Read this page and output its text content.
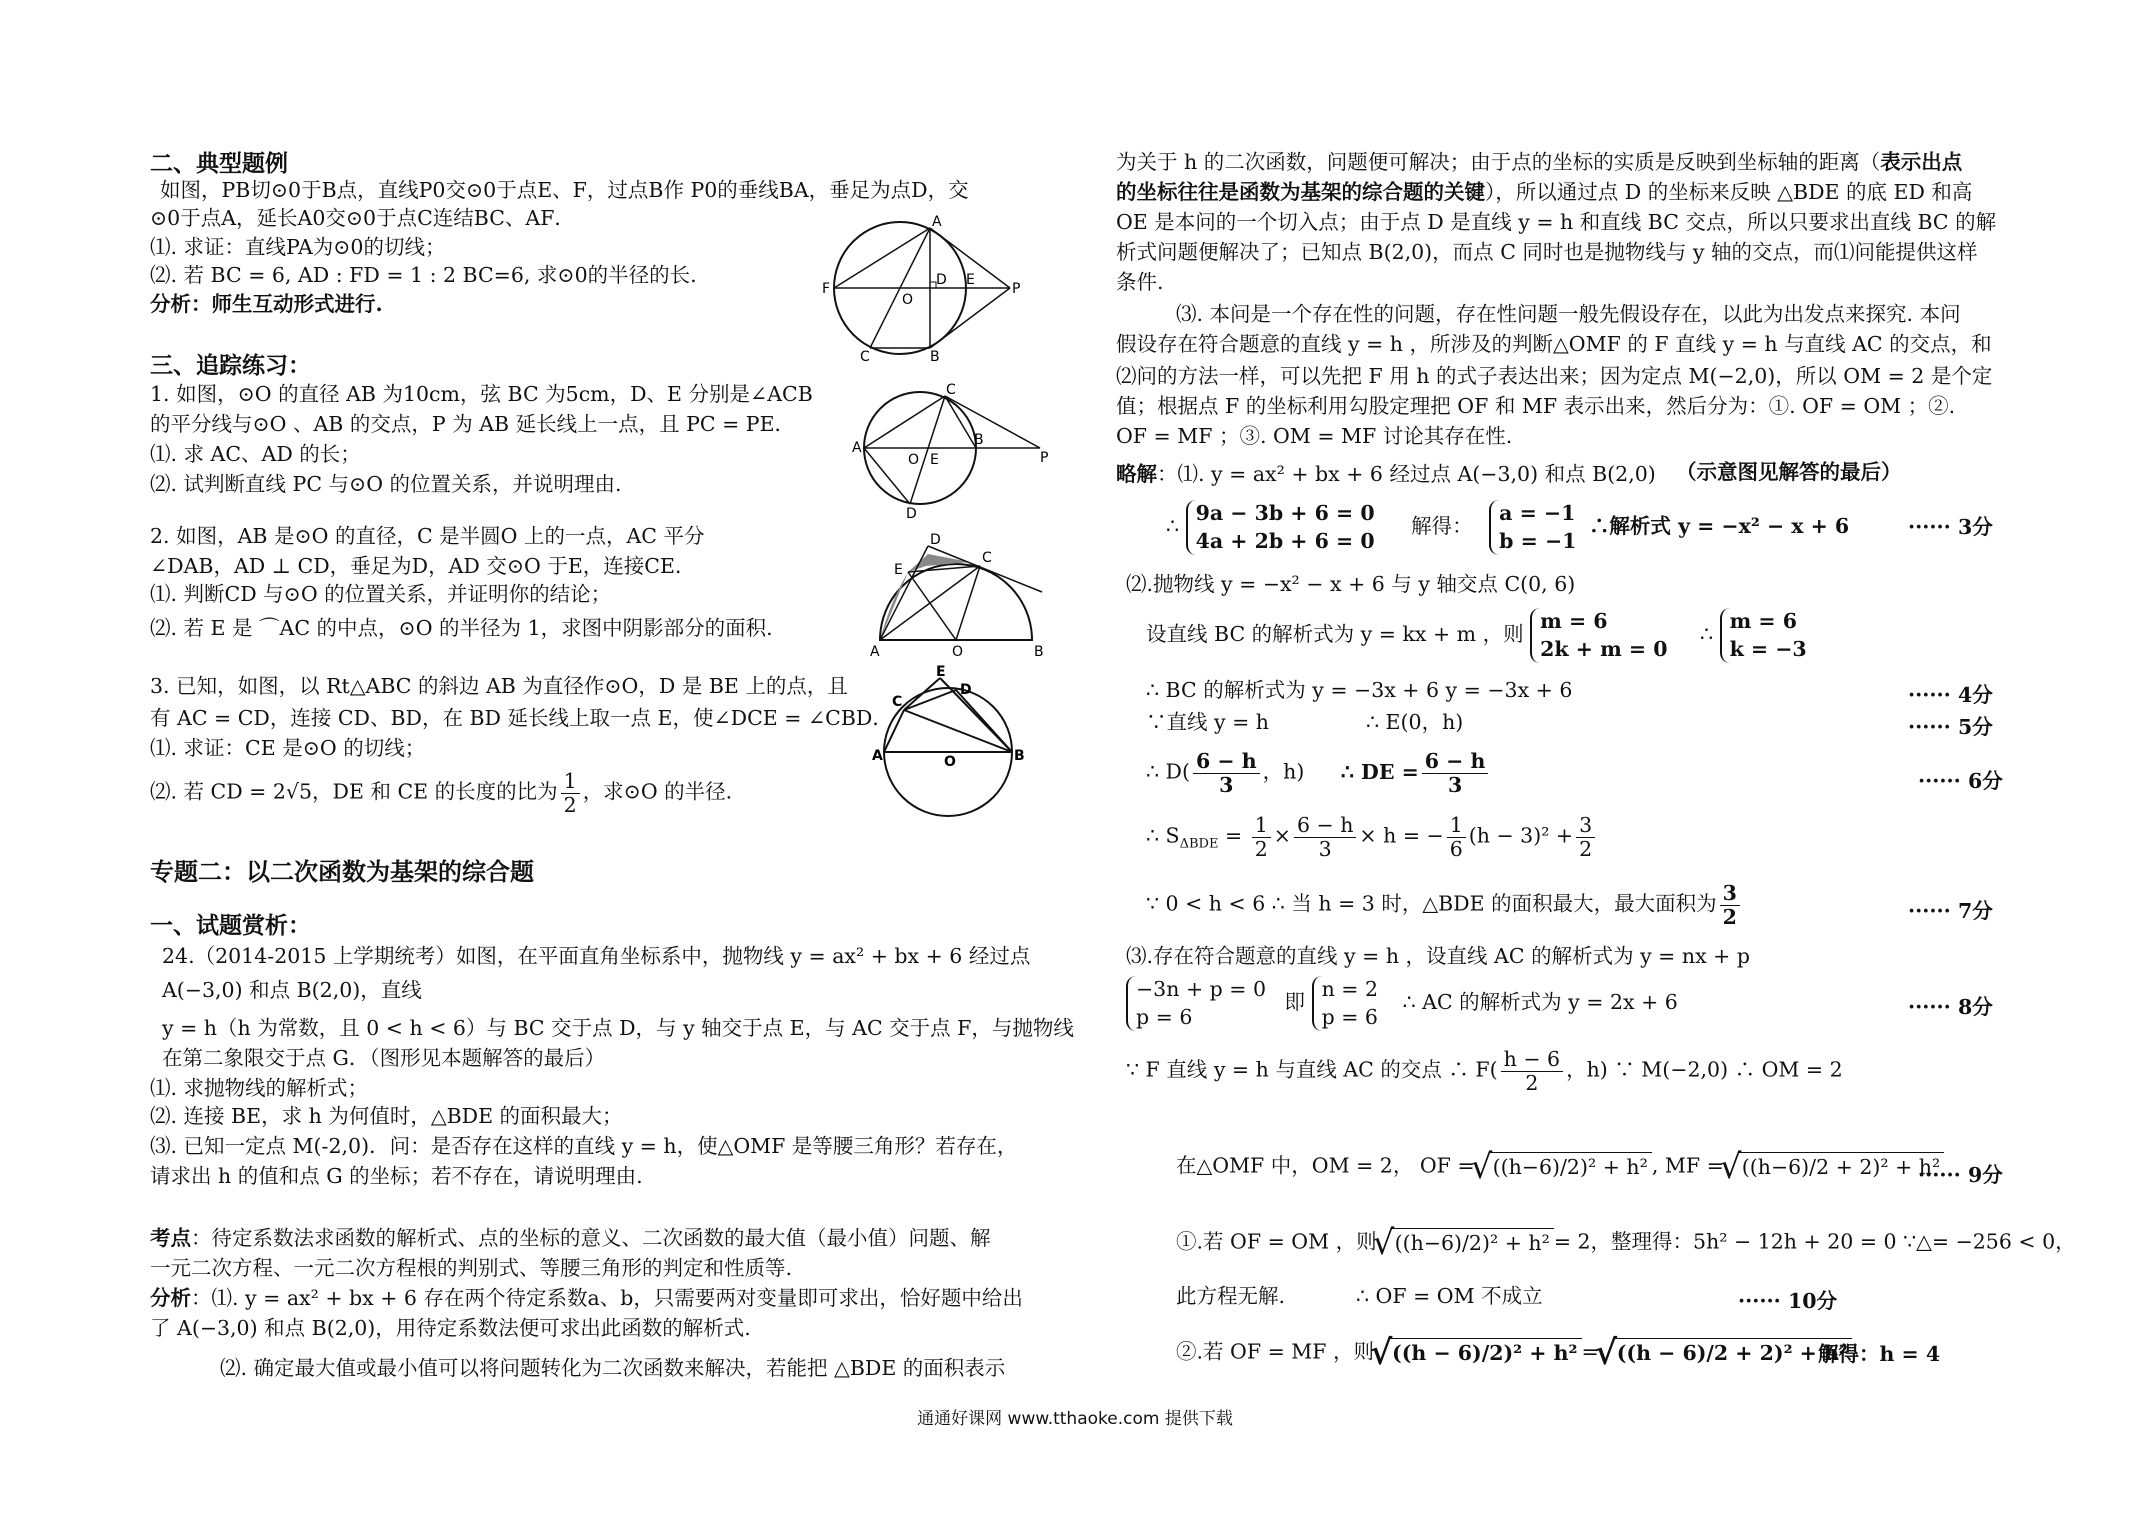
二、典型题例
如图，PB切⊙0于B点，直线P0交⊙0于点E、F，过点B作 P0的垂线BA，垂足为点D，交
⊙0于点A，延长A0交⊙0于点C连结BC、AF．
⑴. 求证：直线PA为⊙0的切线；
⑵. 若 BC = 6, AD : FD = 1 : 2 BC=6, 求⊙0的半径的长.
分析：师生互动形式进行.
三、追踪练习：
1. 如图，⊙O 的直径 AB 为10cm，弦 BC 为5cm，D、E 分别是∠ACB
的平分线与⊙O 、AB 的交点，P 为 AB 延长线上一点，且 PC = PE．
⑴. 求 AC、AD 的长；
⑵. 试判断直线 PC 与⊙O 的位置关系，并说明理由.
2. 如图，AB 是⊙O 的直径，C 是半圆O 上的一点，AC 平分
∠DAB，AD ⊥ CD，垂足为D，AD 交⊙O 于E，连接CE．
⑴. 判断CD 与⊙O 的位置关系，并证明你的结论；
⑵. 若 E 是 ⌒AC 的中点，⊙O 的半径为 1，求图中阴影部分的面积.
3. 已知，如图，以 Rt△ABC 的斜边 AB 为直径作⊙O，D 是 BE 上的点，且
有 AC = CD，连接 CD、BD，在 BD 延长线上取一点 E，使∠DCE = ∠CBD．
⑴. 求证：CE 是⊙O 的切线；
⑵. 若 CD = 2√5，DE 和 CE 的长度的比为 $\frac{1}{2}$ ，求⊙O 的半径.
专题二：以二次函数为基架的综合题
一、试题赏析：
24.（2014-2015 上学期统考）如图，在平面直角坐标系中，抛物线 y = ax² + bx + 6 经过点
A(−3,0) 和点 B(2,0)，直线
y = h（h 为常数，且 0 < h < 6）与 BC 交于点 D，与 y 轴交于点 E，与 AC 交于点 F，与抛物线
在第二象限交于点 G．（图形见本题解答的最后）
⑴. 求抛物线的解析式；
⑵. 连接 BE，求 h 为何值时，△BDE 的面积最大；
⑶. 已知一定点 M(-2,0)．问：是否存在这样的直线 y = h，使△OMF 是等腰三角形？若存在，
请求出 h 的值和点 G 的坐标；若不存在，请说明理由.
考点：待定系数法求函数的解析式、点的坐标的意义、二次函数的最大值（最小值）问题、解
一元二次方程、一元二次方程根的判别式、等腰三角形的判定和性质等.
分析：⑴. y = ax² + bx + 6 存在两个待定系数a、b，只需要两对变量即可求出，恰好题中给出
了 A(−3,0) 和点 B(2,0)，用待定系数法便可求出此函数的解析式.
⑵. 确定最大值或最小值可以将问题转化为二次函数来解决，若能把 △BDE 的面积表示
A
F
O
D E
P
B
C
C
A
O E
B
P
D
D
E
C
A	O	B
C
E
D
A	O	B
为关于 h 的二次函数，问题便可解决；由于点的坐标的实质是反映到坐标轴的距离（表示出点
的坐标往往是函数为基架的综合题的关键），所以通过点 D 的坐标来反映 △BDE 的底 ED 和高
OE 是本问的一个切入点；由于点 D 是直线 y = h 和直线 BC 交点，所以只要求出直线 BC 的解
析式问题便解决了；已知点 B(2,0)，而点 C 同时也是抛物线与 y 轴的交点，而⑴问能提供这样
条件.
⑶. 本问是一个存在性的问题，存在性问题一般先假设存在，以此为出发点来探究. 本问
假设存在符合题意的直线 y = h ，所涉及的判断△OMF 的 F 直线 y = h 与直线 AC 的交点，和
⑵问的方法一样，可以先把 F 用 h 的式子表达出来；因为定点 M(−2,0)，所以 OM = 2 是个定
值；根据点 F 的坐标利用勾股定理把 OF 和 MF 表示出来，然后分为：①. OF = OM ；②.
OF = MF ；③. OM = MF 讨论其存在性.
略解：⑴. y = ax² + bx + 6 经过点 A(−3,0) 和点 B(2,0) （示意图见解答的最后）
∴
9a − 3b + 6 = 0
4a + 2b + 6 = 0
解得：
a = −1
b = −1
∴解析式 y = −x² − x + 6	······ 3分
⑵.抛物线 y = −x² − x + 6 与 y 轴交点 C(0, 6)
设直线 BC 的解析式为 y = kx + m ，则
m = 6
2k + m = 0
∴
m = 6
k = −3
∴ BC 的解析式为 y = −3x + 6 y = −3x + 6	······ 4分
∵直线 y = h	∴ E(0，h)	······ 5分
∴ $D( \frac{6 - h}{3}$ ，h) ∴ DE = $\frac{6 - h}{3}$	······ 6分
∴ $S_{\Delta BDE} = \frac{1}{2} \times \frac{6 - h}{3} \times h$ = − $\frac{1}{6} (h - 3)^2 + \frac{3}{2}$
∵ 0 < h < 6 ∴ 当 h = 3 时，△BDE 的面积最大，最大面积为 $\frac{3}{2}$	······ 7分
⑶.存在符合题意的直线 y = h ，设直线 AC 的解析式为 y = nx + p
−3n + p = 0
p = 6
即
n = 2
p = 6
∴ AC 的解析式为 y = 2x + 6	······ 8分
∵ F 直线 y = h 与直线 AC 的交点 ∴ $F( \frac{h - 6}{2}$ ，h) ∵ M(−2,0) ∴ OM = 2
在△OMF 中，OM = 2， OF = √ ((h−6)/2)² + h² , MF = √ ((h−6)/2 + 2)² + h²
······ 9分
①.若 OF = OM ，则 √ ((h−6)/2)² + h² = 2，整理得：5h² − 12h + 20 = 0 ∵△= −256 < 0，
此方程无解.	∴ OF = OM 不成立	······ 10分
②.若 OF = MF ，则 √ ((h − 6)/2)² + h² = √ ((h − 6)/2 + 2)² + h²
解得：h = 4
通通好课网 www.tthaoke.com 提供下载
